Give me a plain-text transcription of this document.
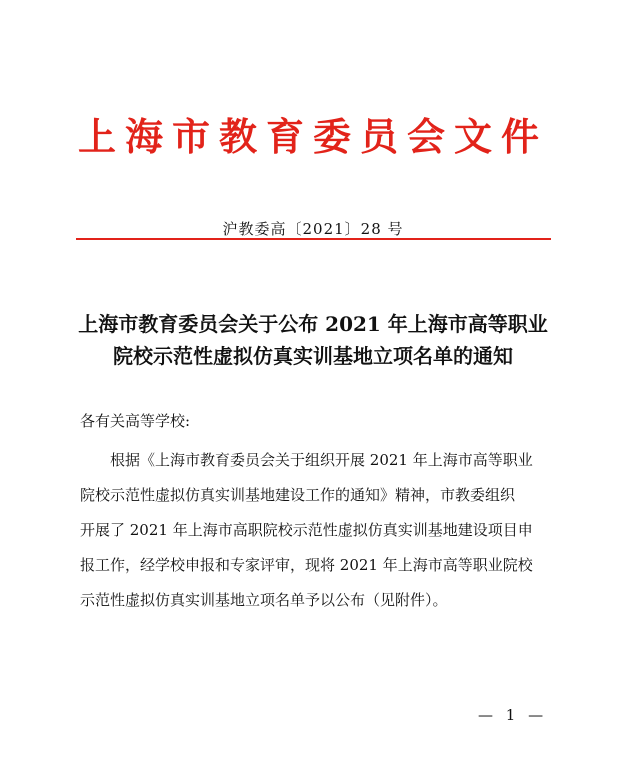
上海市教育委员会文件
沪教委高〔2021〕28 号
上海市教育委员会关于公布 2021 年上海市高等职业
院校示范性虚拟仿真实训基地立项名单的通知
各有关高等学校:
根据《上海市教育委员会关于组织开展 2021 年上海市高等职业
院校示范性虚拟仿真实训基地建设工作的通知》精神，市教委组织
开展了 2021 年上海市高职院校示范性虚拟仿真实训基地建设项目申
报工作，经学校申报和专家评审，现将 2021 年上海市高等职业院校
示范性虚拟仿真实训基地立项名单予以公布（见附件）。
— 1 —
